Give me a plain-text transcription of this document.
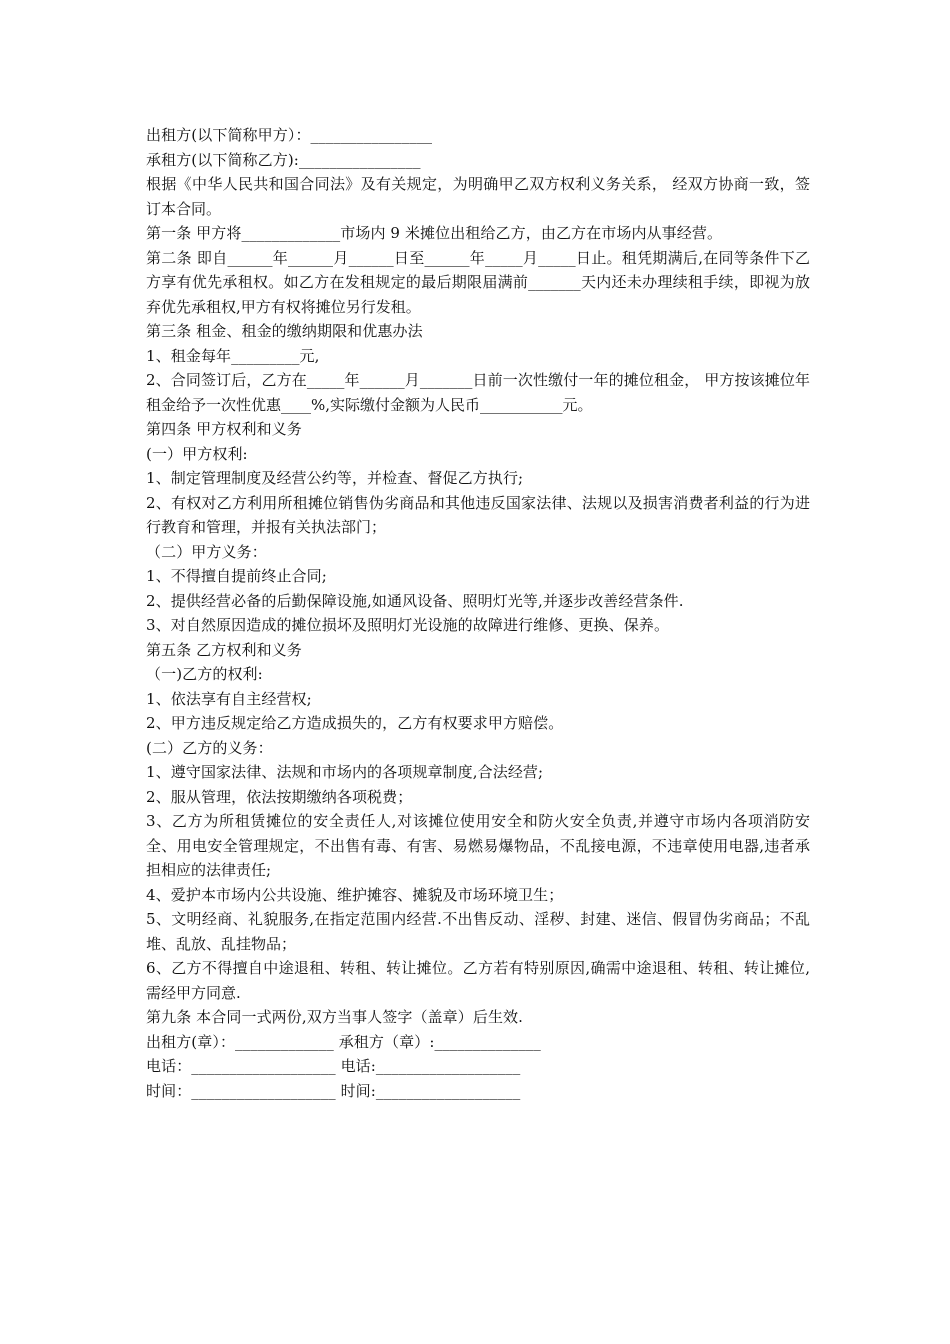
出租方(以下简称甲方）：________________
承租方(以下简称乙方):________________
根据《中华人民共和国合同法》及有关规定，为明确甲乙双方权利义务关系， 经双方协商一致，签订本合同。
第一条 甲方将_____________市场内 9 米摊位出租给乙方，由乙方在市场内从事经营。
第二条 即自______年______月______日至______年_____月_____日止。租凭期满后,在同等条件下乙方享有优先承租权。如乙方在发租规定的最后期限届满前_______天内还未办理续租手续，即视为放弃优先承租权,甲方有权将摊位另行发租。
第三条 租金、租金的缴纳期限和优惠办法
1、租金每年_________元,
2、合同签订后，乙方在_____年______月_______日前一次性缴付一年的摊位租金， 甲方按该摊位年租金给予一次性优惠____%,实际缴付金额为人民币___________元。
第四条 甲方权利和义务
(一）甲方权利:
1、制定管理制度及经营公约等，并检查、督促乙方执行;
2、有权对乙方利用所租摊位销售伪劣商品和其他违反国家法律、法规以及损害消费者利益的行为进行教育和管理，并报有关执法部门；
（二）甲方义务：
1、不得擅自提前终止合同;
2、提供经营必备的后勤保障设施,如通风设备、照明灯光等,并逐步改善经营条件.
3、对自然原因造成的摊位损坏及照明灯光设施的故障进行维修、更换、保养。
第五条 乙方权利和义务
（一)乙方的权利:
1、依法享有自主经营权;
2、甲方违反规定给乙方造成损失的，乙方有权要求甲方赔偿。
(二）乙方的义务：
1、遵守国家法律、法规和市场内的各项规章制度,合法经营;
2、服从管理，依法按期缴纳各项税费；
3、乙方为所租赁摊位的安全责任人,对该摊位使用安全和防火安全负责,并遵守市场内各项消防安全、用电安全管理规定，不出售有毒、有害、易燃易爆物品，不乱接电源，不违章使用电器,违者承担相应的法律责任;
4、爱护本市场内公共设施、维护摊容、摊貌及市场环境卫生；
5、文明经商、礼貌服务,在指定范围内经营.不出售反动、淫秽、封建、迷信、假冒伪劣商品；不乱堆、乱放、乱挂物品；
6、乙方不得擅自中途退租、转租、转让摊位。乙方若有特别原因,确需中途退租、转租、转让摊位,需经甲方同意.
第九条 本合同一式两份,双方当事人签字（盖章）后生效.
出租方(章）：_____________ 承租方（章）:______________
电话：___________________ 电话:___________________
时间：___________________ 时间:___________________
